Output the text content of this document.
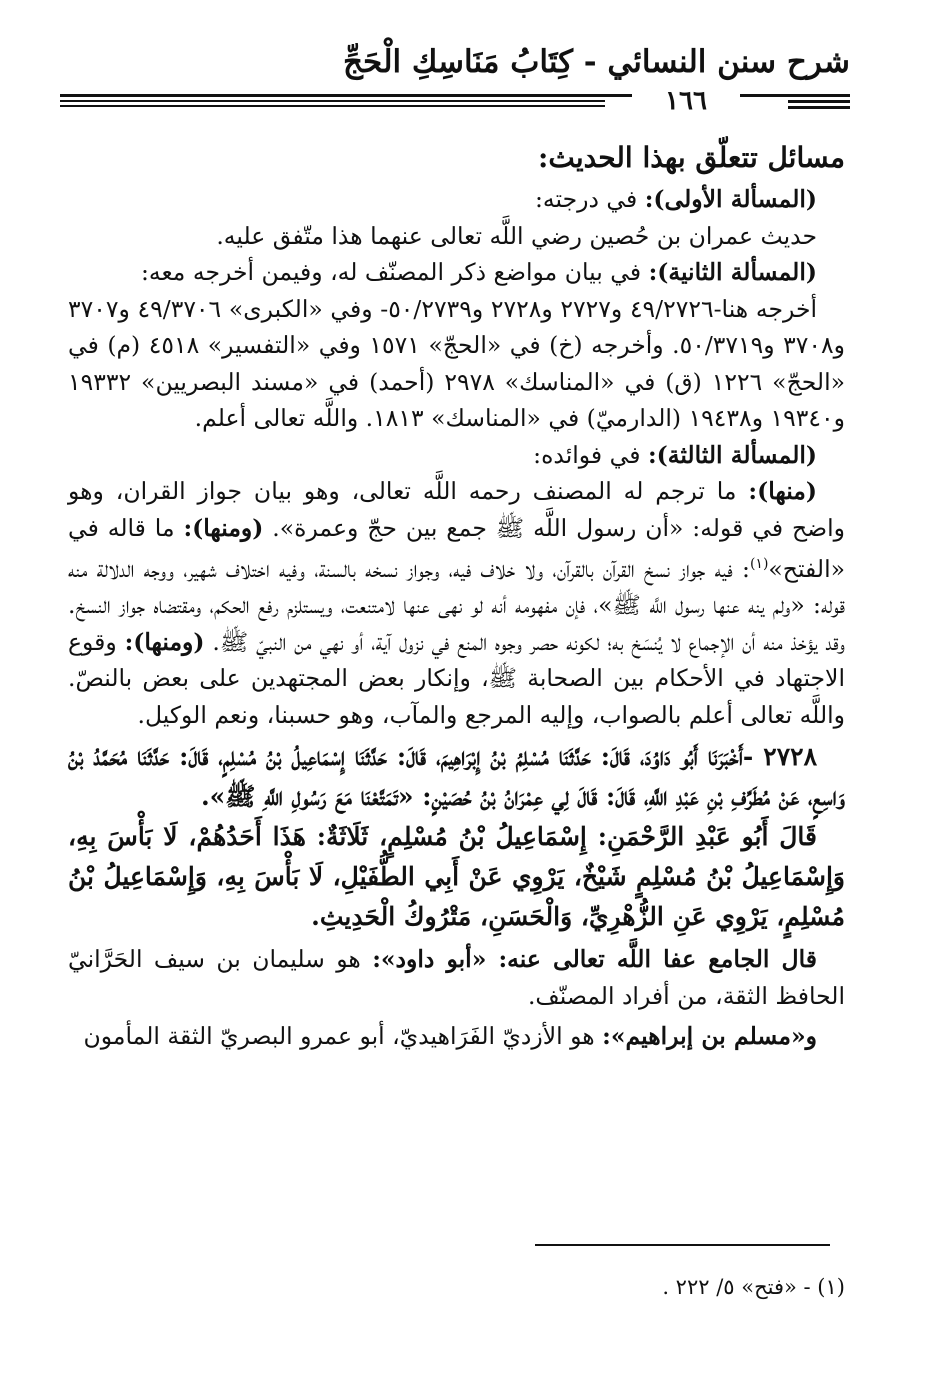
شرح سنن النسائي - كِتَابُ مَنَاسِكِ الْحَجِّ
١٦٦

مسائل تتعلّق بهذا الحديث:

(المسألة الأولى): في درجته:

حديث عمران بن حُصين رضي اللَّه تعالى عنهما هذا متّفق عليه.

(المسألة الثانية): في بيان مواضع ذكر المصنّف له، وفيمن أخرجه معه:

أخرجه هنا-٤٩/٢٧٢٦ و٢٧٢٧ و٢٧٢٨ و٥٠/٢٧٣٩- وفي «الكبرى» ٤٩/٣٧٠٦ و٣٧٠٧ و٣٧٠٨ و٥٠/٣٧١٩. وأخرجه (خ) في «الحجّ» ١٥٧١ وفي «التفسير» ٤٥١٨ (م) في «الحجّ» ١٢٢٦ (ق) في «المناسك» ٢٩٧٨ (أحمد) في «مسند البصريين» ١٩٣٣٢ و١٩٣٤٠ و١٩٤٣٨ (الدارميّ) في «المناسك» ١٨١٣. واللَّه تعالى أعلم.

(المسألة الثالثة): في فوائده:

(منها): ما ترجم له المصنف رحمه اللَّه تعالى، وهو بيان جواز القران، وهو واضح في قوله: «أن رسول اللَّه ﷺ جمع بين حجّ وعمرة». (ومنها): ما قاله في «الفتح»$^{(١)}$: فيه جواز نسخ القرآن بالقرآن، ولا خلاف فيه، وجواز نسخه بالسنة، وفيه اختلاف شهير، ووجه الدلالة منه قوله: «ولم ينه عنها رسول اللَّه ﷺ»، فإن مفهومه أنه لو نهى عنها لامتنعت، ويستلزم رفع الحكم، ومقتضاه جواز النسخ. وقد يؤخذ منه أن الإجماع لا يُنسَخ به؛ لكونه حصر وجوه المنع في نزول آية، أو نهي من النبيّ ﷺ. (ومنها): وقوع الاجتهاد في الأحكام بين الصحابة ﷺ، وإنكار بعض المجتهدين على بعض بالنصّ. واللَّه تعالى أعلم بالصواب، وإليه المرجع والمآب، وهو حسبنا، ونعم الوكيل.

٢٧٢٨ -أَخْبَرَنَا أَبُو دَاوُدَ، قَالَ: حَدَّثَنَا مُسْلِمُ بْنُ إِبْرَاهِيمَ، قَالَ: حَدَّثَنَا إِسْمَاعِيلُ بْنُ مُسْلِمٍ، قَالَ: حَدَّثَنَا مُحَمَّدُ بْنُ وَاسِعٍ، عَنْ مُطَرِّفِ بْنِ عَبْدِ اللَّهِ، قَالَ: قَالَ لِي عِمْرَانُ بْنُ حُصَيْنٍ: «تَمَتَّعْنَا مَعَ رَسُولِ اللَّهِ ﷺ».

قَالَ أَبُو عَبْدِ الرَّحْمَنِ: إِسْمَاعِيلُ بْنُ مُسْلِمٍ، ثَلَاثَةٌ: هَذَا أَحَدُهُمْ، لَا بَأْسَ بِهِ، وَإِسْمَاعِيلُ بْنُ مُسْلِمٍ شَيْخٌ، يَرْوِي عَنْ أَبِي الطُّفَيْلِ، لَا بَأْسَ بِهِ، وَإِسْمَاعِيلُ بْنُ مُسْلِمٍ، يَرْوِي عَنِ الزُّهْرِيِّ، وَالْحَسَنِ، مَتْرُوكُ الْحَدِيثِ.

قال الجامع عفا اللَّه تعالى عنه: «أبو داود»: هو سليمان بن سيف الحَرَّانيّ الحافظ الثقة، من أفراد المصنّف.

و«مسلم بن إبراهيم»: هو الأزديّ الفَرَاهيديّ، أبو عمرو البصريّ الثقة المأمون

(١) - «فتح» ٥/ ٢٢٢ .
